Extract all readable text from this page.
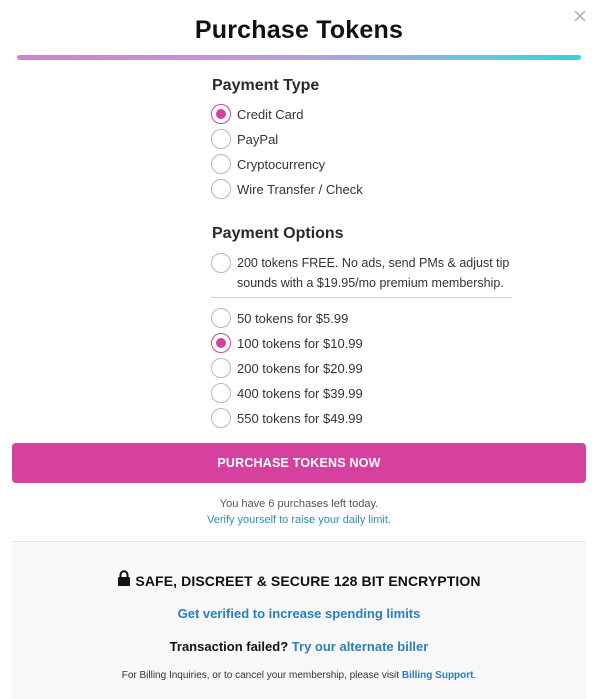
Purchase Tokens
Payment Type
Credit Card
PayPal
Cryptocurrency
Wire Transfer / Check
Payment Options
200 tokens FREE. No ads, send PMs & adjust tip
sounds with a $19.95/mo premium membership.
50 tokens for $5.99
100 tokens for $10.99
200 tokens for $20.99
400 tokens for $39.99
550 tokens for $49.99
PURCHASE TOKENS NOW
You have 6 purchases left today.
Verify yourself to raise your daily limit.
SAFE, DISCREET & SECURE 128 BIT ENCRYPTION
Get verified to increase spending limits
Transaction failed? Try our alternate biller
For Billing Inquiries, or to cancel your membership, please visit Billing Support.
